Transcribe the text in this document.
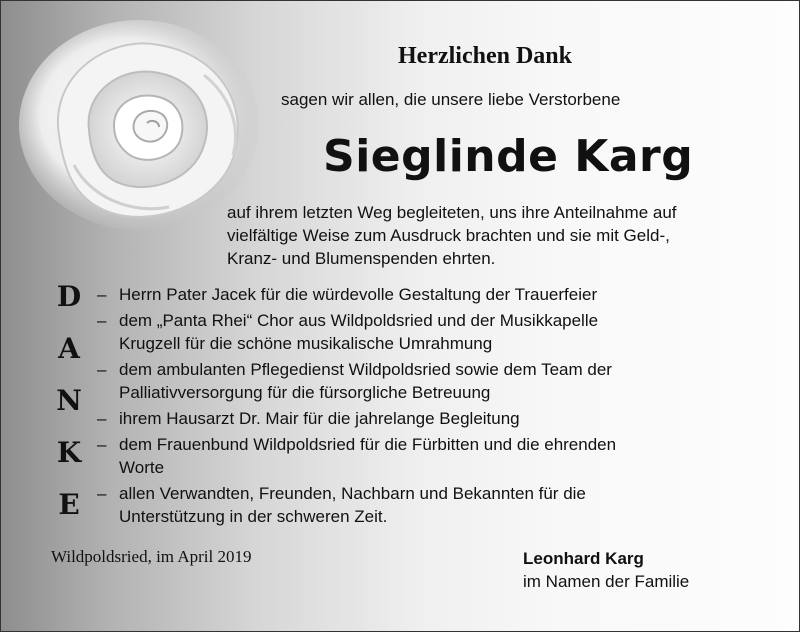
Herzlichen Dank
sagen wir allen, die unsere liebe Verstorbene
Sieglinde Karg
auf ihrem letzten Weg begleiteten, uns ihre Anteilnahme auf
vielfältige Weise zum Ausdruck brachten und sie mit Geld-,
Kranz- und Blumenspenden ehrten.
D
A
N
K
E
– Herrn Pater Jacek für die würdevolle Gestaltung der Trauerfeier
– dem „Panta Rhei“ Chor aus Wildpoldsried und der Musikkapelle
Krugzell für die schöne musikalische Umrahmung
– dem ambulanten Pflegedienst Wildpoldsried sowie dem Team der
Palliativversorgung für die fürsorgliche Betreuung
– ihrem Hausarzt Dr. Mair für die jahrelange Begleitung
– dem Frauenbund Wildpoldsried für die Fürbitten und die ehrenden
Worte
– allen Verwandten, Freunden, Nachbarn und Bekannten für die
Unterstützung in der schweren Zeit.
Wildpoldsried, im April 2019	Leonhard Karg
im Namen der Familie
